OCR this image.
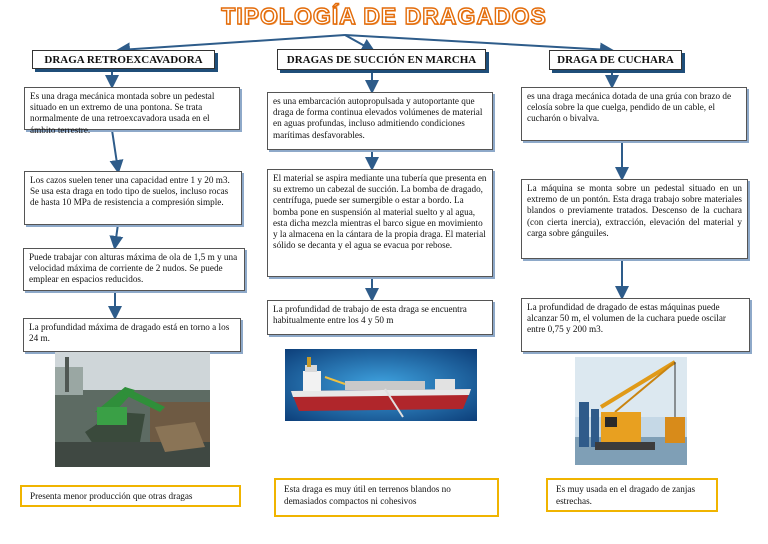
TIPOLOGÍA DE DRAGADOS
DRAGA RETROEXCAVADORA	DRAGAS DE SUCCIÓN EN MARCHA	DRAGA DE CUCHARA
Es una draga mecánica montada sobre un pedestal situado en un extremo de una pontona. Se trata normalmente de una retroexcavadora usada en el ámbito terrestre.
Los cazos suelen tener una capacidad entre 1 y 20 m3. Se usa esta draga en todo tipo de suelos, incluso rocas de hasta 10 MPa de resistencia a compresión simple.
Puede trabajar con alturas máxima de ola de 1,5 m y una velocidad máxima de corriente de 2 nudos. Se puede emplear en espacios reducidos.
La profundidad máxima de dragado está en torno a los 24 m.
es una embarcación autopropulsada y autoportante que draga de forma continua elevados volúmenes de material en aguas profundas, incluso admitiendo condiciones marítimas desfavorables.
El material se aspira mediante una tubería que presenta en su extremo un cabezal de succión. La bomba de dragado, centrífuga, puede ser sumergible o estar a bordo. La bomba pone en suspensión al material suelto y al agua, esta dicha mezcla mientras el barco sigue en movimiento y la almacena en la cántara de la propia draga. El material sólido se decanta y el agua se evacua por rebose.
La profundidad de trabajo de esta draga se encuentra habitualmente entre los 4 y 50 m
es una draga mecánica dotada de una grúa con brazo de celosía sobre la que cuelga, pendido de un cable, el cucharón o bivalva.
La máquina se monta sobre un pedestal situado en un extremo de un pontón. Esta draga trabajo sobre materiales blandos o previamente tratados. Descenso de la cuchara (con cierta inercia), extracción, elevación del material y carga sobre gánguiles.
La profundidad de dragado de estas máquinas puede alcanzar 50 m, el volumen de la cuchara puede oscilar entre 0,75 y 200 m3.
Presenta menor producción que otras dragas
Esta draga es muy útil en terrenos blandos no demasiados compactos ni cohesivos
Es muy usada en el dragado de zanjas estrechas.
